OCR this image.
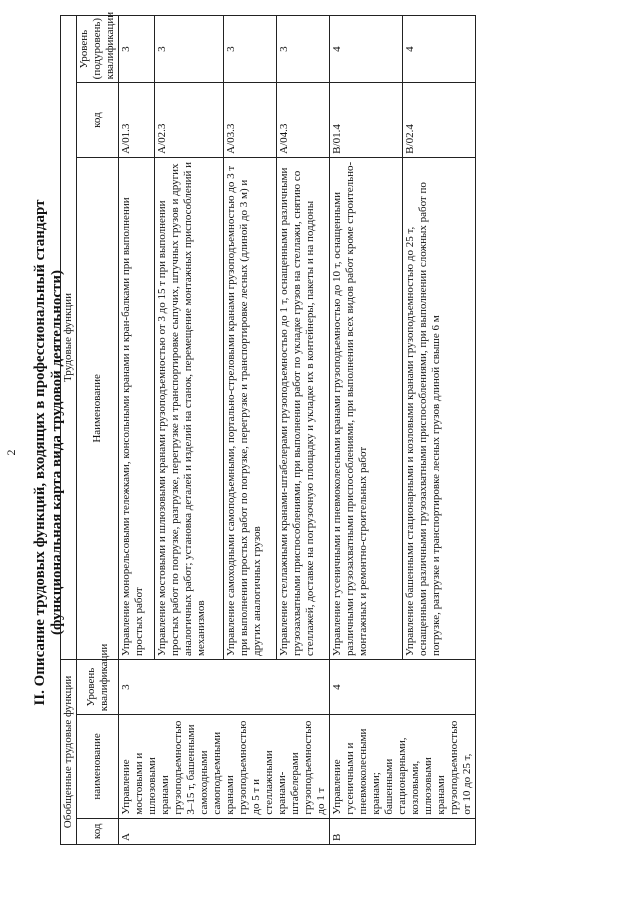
2 II. Описание трудовых функций, входящих в профессиональный стандарт (функциональная карта вида трудовой деятельности)
Обобщенные трудовые функции			Трудовые функции		
код	наименование	Уровень квалификации	Наименование	код	Уровень (подуровень) квалификации
A	Управление мостовыми и шлюзовыми кранами грузоподъемностью 3–15 т, башенными самоходными самоподъемными кранами грузоподъемностью до 5 т и стеллажными кранами-штабелерами грузоподъемностью до 1 т	3	Управление монорельсовыми тележками, консольными кранами и кран-балками при выполнении простых работ	A/01.3	3
			Управление мостовыми и шлюзовыми кранами грузоподъемностью от 3 до 15 т при выполнении простых работ по погрузке, разгрузке, перегрузке и транспортировке сыпучих, штучных грузов и других аналогичных работ; установка деталей и изделий на станок, перемещение монтажных приспособлений и механизмов	A/02.3	3
			Управление самоходными самоподъемными, портально-стреловыми кранами грузоподъемностью до 3 т при выполнении простых работ по погрузке, перегрузке и транспортировке лесных (длиной до 3 м) и других аналогичных грузов	A/03.3	3
			Управление стеллажными кранами-штабелерами грузоподъемностью до 1 т, оснащенными различными грузозахватными приспособлениями, при выполнении работ по укладке грузов на стеллажи, снятию со стеллажей, доставке на погрузочную площадку и укладке их в контейнеры, пакеты и на поддоны	A/04.3	3
B	Управление гусеничными и пневмоколесными кранами; башенными стационарными, козловыми, шлюзовыми кранами грузоподъемностью от 10 до 25 т,	4	Управление гусеничными и пневмоколесными кранами грузоподъемностью до 10 т, оснащенными различными грузозахватными приспособлениями, при выполнении всех видов работ кроме строительно-монтажных и ремонтно-строительных работ	B/01.4	4
			Управление башенными стационарными и козловыми кранами грузоподъемностью до 25 т, оснащенными различными грузозахватными приспособлениями, при выполнении сложных работ по погрузке, разгрузке и транспортировке лесных грузов длиной свыше 6 м	B/02.4	4
